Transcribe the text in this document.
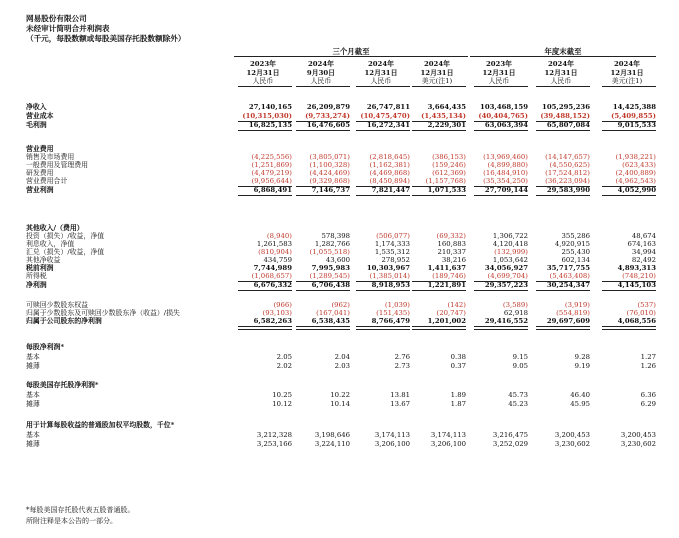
网易股份有限公司
未经审计简明合并利润表
（千元，每股数额或每股美国存托股数额除外）
三个月截至	年度末截至
2023年
12月31日
人民币
2024年
9月30日
人民币
2024年
12月31日
人民币
2024年
12月31日
美元(注1)
2023年
12月31日
人民币
2024年
12月31日
人民币
2024年
12月31日
美元(注1)
净收入	27,140,165	26,209,879	26,747,811	3,664,435	103,468,159	105,295,236	14,425,388
营业成本	(10,315,030)	(9,733,274)	(10,475,470)	(1,435,134)	(40,404,765)	(39,488,152)	(5,409,855)
毛利润	16,825,135	16,476,605	16,272,341	2,229,301	63,063,394	65,807,084	9,015,533
营业费用
销售及市场费用	(4,225,556)	(3,805,071)	(2,818,645)	(386,153)	(13,969,460)	(14,147,657)	(1,938,221)
一般费用及管理费用	(1,251,869)	(1,100,328)	(1,162,381)	(159,246)	(4,899,880)	(4,550,625)	(623,433)
研发费用	(4,479,219)	(4,424,469)	(4,469,868)	(612,369)	(16,484,910)	(17,524,812)	(2,400,889)
营业费用合计	(9,956,644)	(9,329,868)	(8,450,894)	(1,157,768)	(35,354,250)	(36,223,094)	(4,962,543)
营业利润	6,868,491	7,146,737	7,821,447	1,071,533	27,709,144	29,583,990	4,052,990
其他收入/（费用）
投资（损失）/收益，净值	(8,940)	578,398	(506,077)	(69,332)	1,306,722	355,286	48,674
利息收入，净值	1,261,583	1,282,766	1,174,333	160,883	4,120,418	4,920,915	674,163
汇兑（损失）/收益，净值	(810,904)	(1,055,518)	1,535,312	210,337	(132,999)	255,430	34,994
其他净收益	434,759	43,600	278,952	38,216	1,053,642	602,134	82,492
税前利润	7,744,989	7,995,983	10,303,967	1,411,637	34,056,927	35,717,755	4,893,313
所得税	(1,068,657)	(1,289,545)	(1,385,014)	(189,746)	(4,699,704)	(5,463,408)	(748,210)
净利润	6,676,332	6,706,438	8,918,953	1,221,891	29,357,223	30,254,347	4,145,103
可赎回少数股东权益	(966)	(962)	(1,039)	(142)	(3,589)	(3,919)	(537)
归属于少数股东及可赎回少数股东净（收益）/损失	(93,103)	(167,041)	(151,435)	(20,747)	62,918	(554,819)	(76,010)
归属于公司股东的净利润	6,582,263	6,538,435	8,766,479	1,201,002	29,416,552	29,697,609	4,068,556
每股净利润*
基本	2.05	2.04	2.76	0.38	9.15	9.28	1.27
摊薄	2.02	2.03	2.73	0.37	9.05	9.19	1.26
每股美国存托股净利润*
基本	10.25	10.22	13.81	1.89	45.73	46.40	6.36
摊薄	10.12	10.14	13.67	1.87	45.23	45.95	6.29
用于计算每股收益的普通股加权平均股数，千位*
基本	3,212,328	3,198,646	3,174,113	3,174,113	3,216,475	3,200,453	3,200,453
摊薄	3,253,166	3,224,110	3,206,100	3,206,100	3,252,029	3,230,602	3,230,602
*每股美国存托股代表五股普通股。
所附注释是本公告的一部分。
